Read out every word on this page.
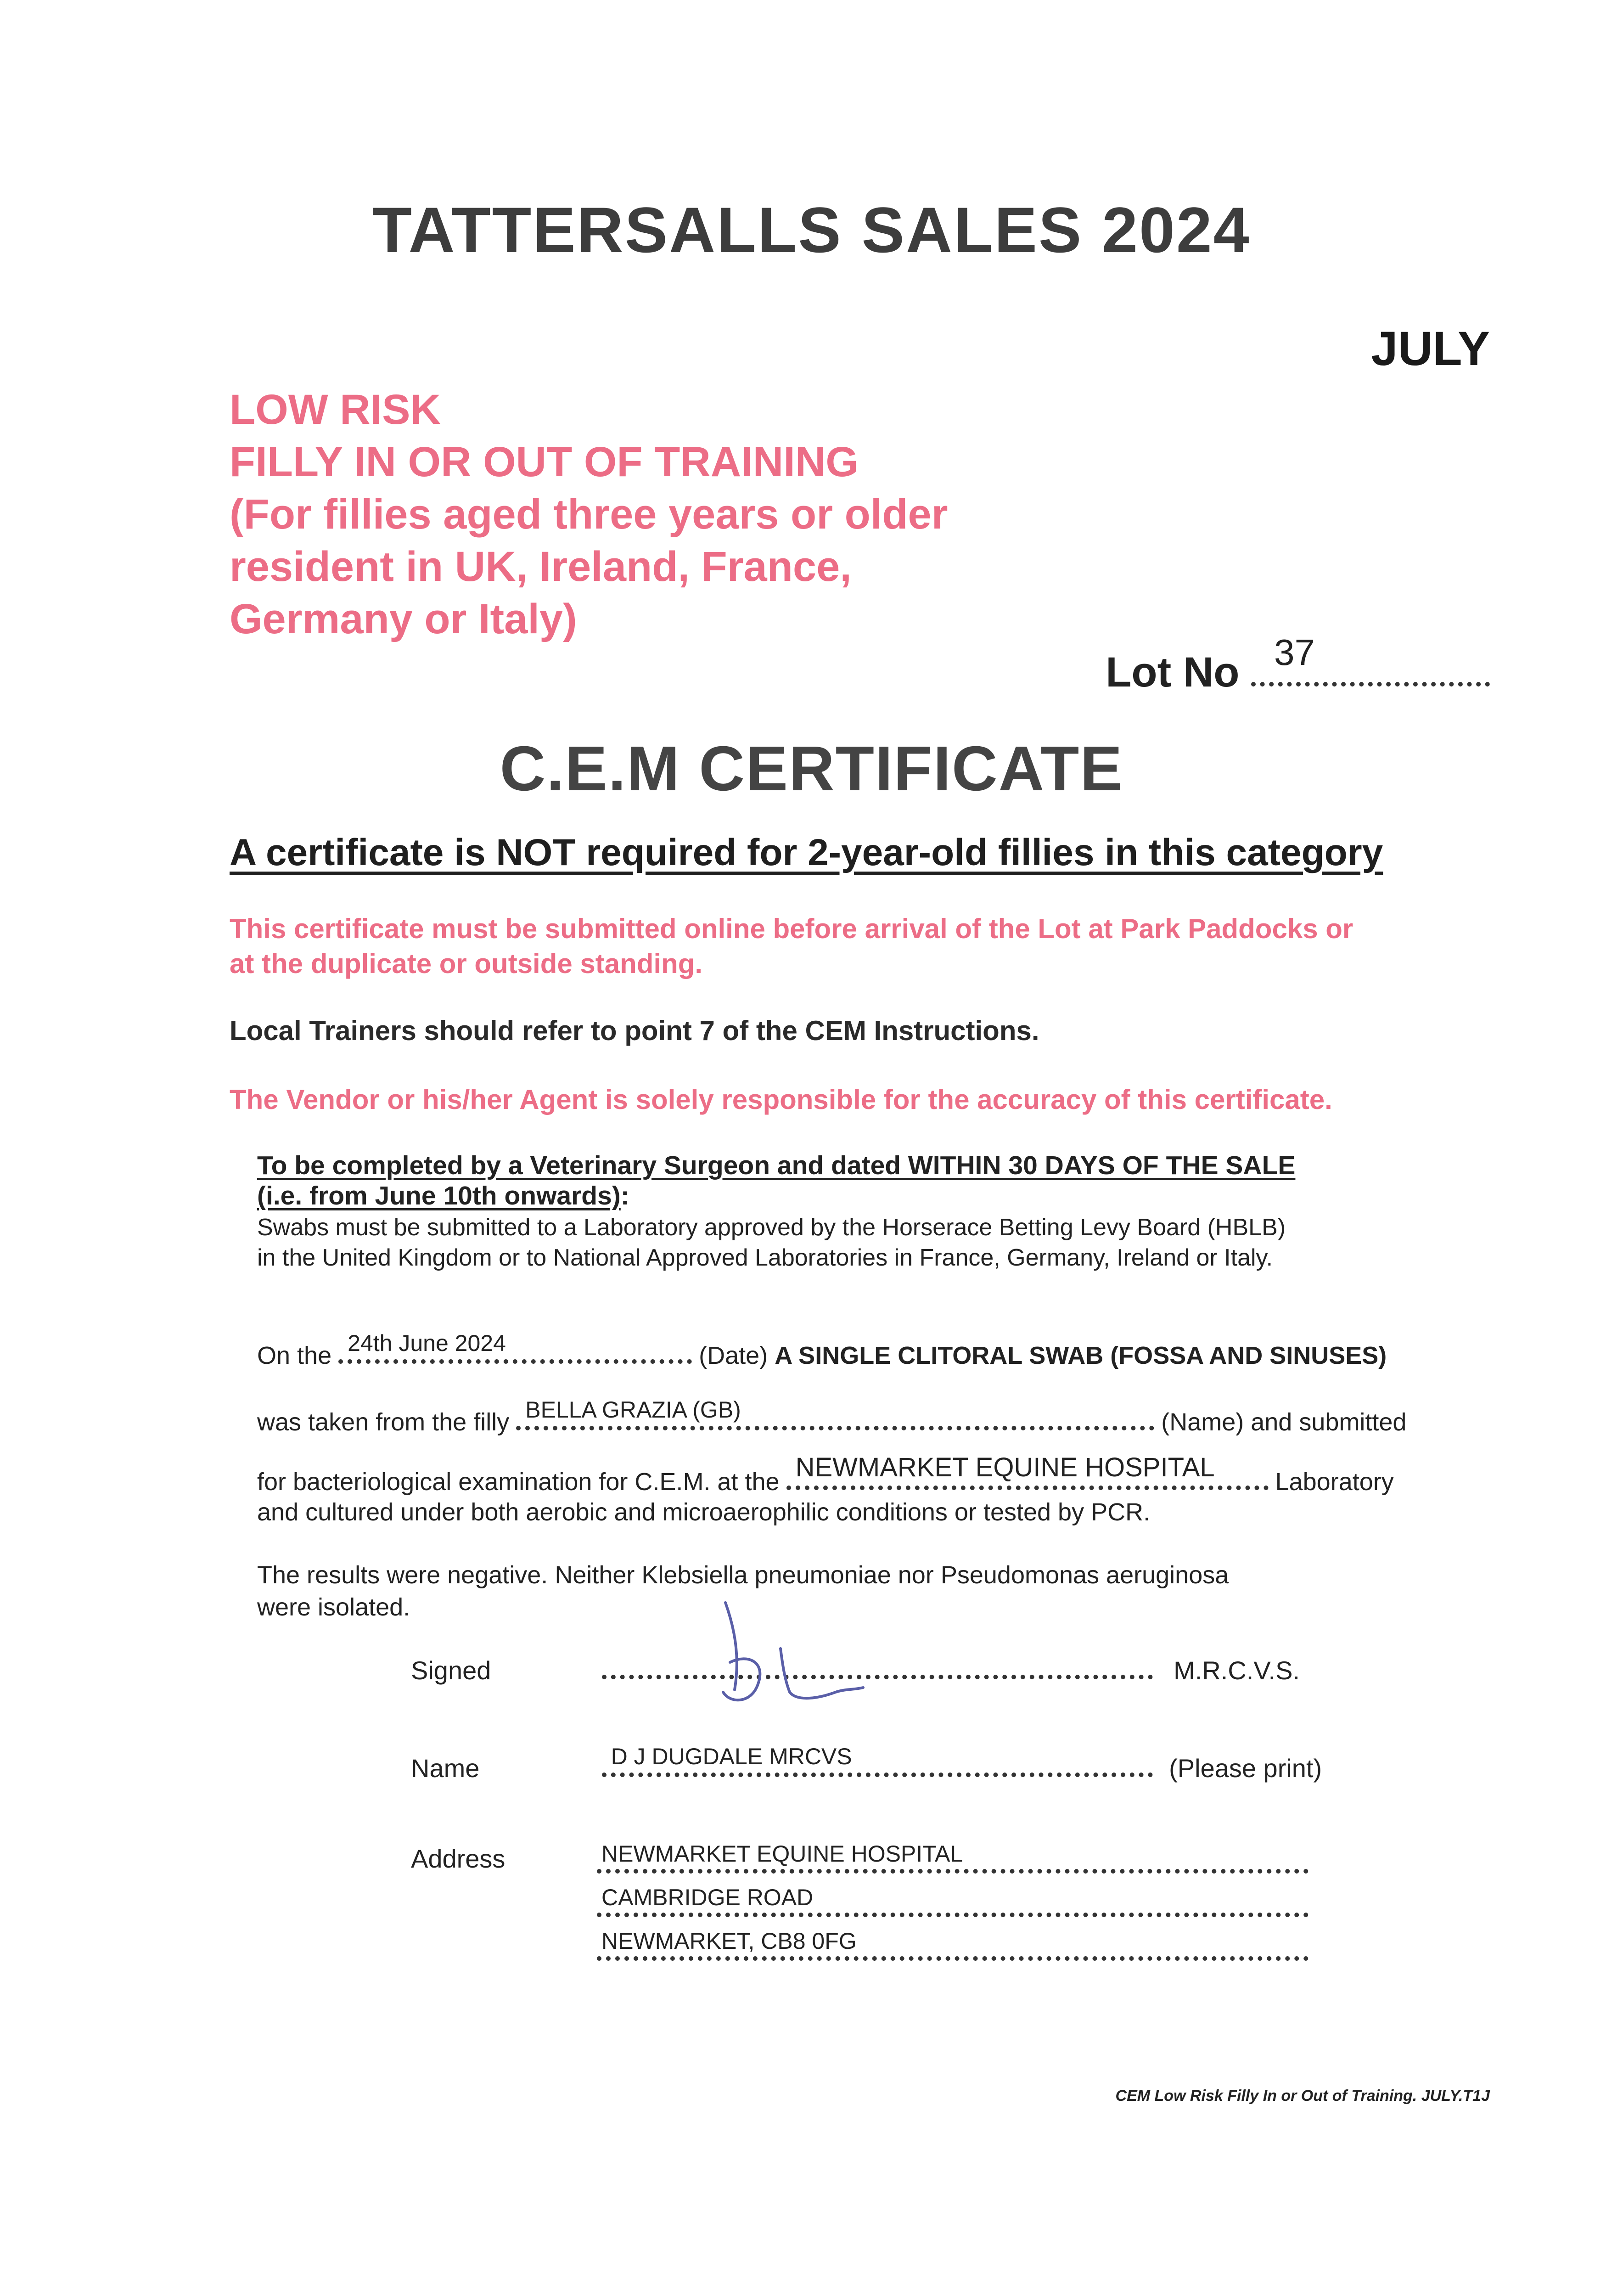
TATTERSALLS SALES 2024
JULY
LOW RISK
FILLY IN OR OUT OF TRAINING
(For fillies aged three years or older
resident in UK, Ireland, France,
Germany or Italy)
Lot No 37
C.E.M CERTIFICATE
A certificate is NOT required for 2-year-old fillies in this category
This certificate must be submitted online before arrival of the Lot at Park Paddocks or
at the duplicate or outside standing.
Local Trainers should refer to point 7 of the CEM Instructions.
The Vendor or his/her Agent is solely responsible for the accuracy of this certificate.
To be completed by a Veterinary Surgeon and dated WITHIN 30 DAYS OF THE SALE
(i.e. from June 10th onwards):
Swabs must be submitted to a Laboratory approved by the Horserace Betting Levy Board (HBLB)
in the United Kingdom or to National Approved Laboratories in France, Germany, Ireland or Italy.
On the 24th June 2024	(Date) A SINGLE CLITORAL SWAB (FOSSA AND SINUSES)
was taken from the filly BELLA GRAZIA (GB)	(Name) and submitted
for bacteriological examination for C.E.M. at the NEWMARKET EQUINE HOSPITAL Laboratory
and cultured under both aerobic and microaerophilic conditions or tested by PCR.
The results were negative. Neither Klebsiella pneumoniae nor Pseudomonas aeruginosa
were isolated.
Signed	M.R.C.V.S.
Name	D J DUGDALE MRCVS	(Please print)
Address	NEWMARKET EQUINE HOSPITAL
CAMBRIDGE ROAD
NEWMARKET, CB8 0FG
CEM Low Risk Filly In or Out of Training. JULY.T1J
